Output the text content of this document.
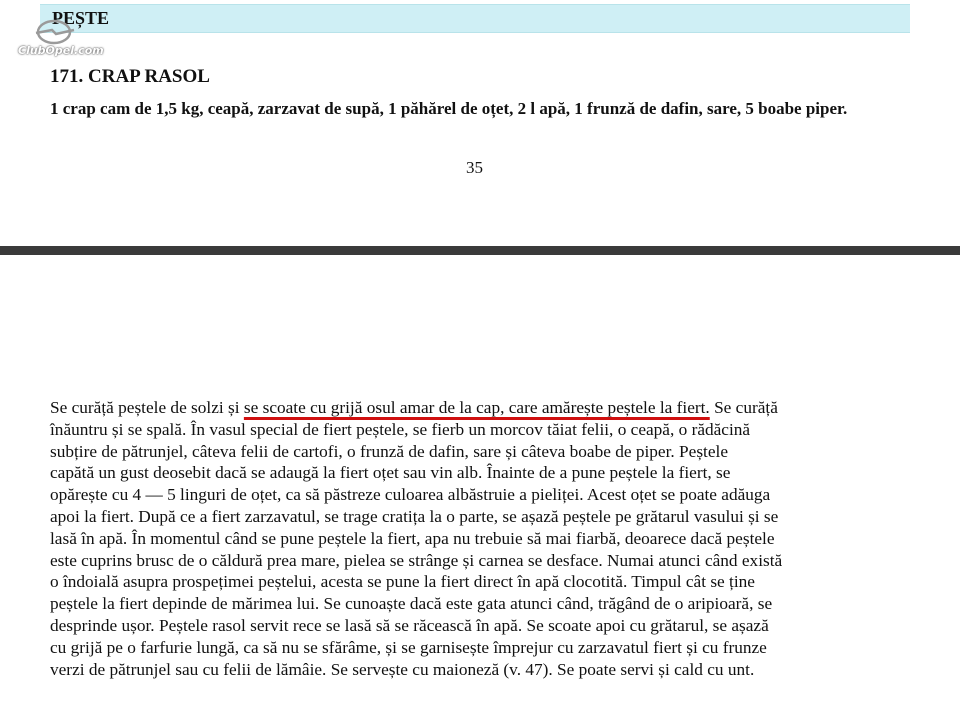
PEȘTE
ClubOpel.com
171. CRAP RASOL
1 crap cam de 1,5 kg, ceapă, zarzavat de supă, 1 păhărel de oțet, 2 l apă, 1 frunză de dafin, sare, 5 boabe piper.
35
Se curăță peștele de solzi și se scoate cu grijă osul amar de la cap, care amărește peștele la fiert. Se curăță
înăuntru și se spală. În vasul special de fiert peștele, se fierb un morcov tăiat felii, o ceapă, o rădăcină
subțire de pătrunjel, câteva felii de cartofi, o frunză de dafin, sare și câteva boabe de piper. Peștele
capătă un gust deosebit dacă se adaugă la fiert oțet sau vin alb. Înainte de a pune peștele la fiert, se
opărește cu 4 — 5 linguri de oțet, ca să păstreze culoarea albăstruie a pieliței. Acest oțet se poate adăuga
apoi la fiert. După ce a fiert zarzavatul, se trage cratița la o parte, se așază peștele pe grătarul vasului și se
lasă în apă. În momentul când se pune peștele la fiert, apa nu trebuie să mai fiarbă, deoarece dacă peștele
este cuprins brusc de o căldură prea mare, pielea se strânge și carnea se desface. Numai atunci când există
o îndoială asupra prospețimei peștelui, acesta se pune la fiert direct în apă clocotită. Timpul cât se ține
peștele la fiert depinde de mărimea lui. Se cunoaște dacă este gata atunci când, trăgând de o aripioară, se
desprinde ușor. Peștele rasol servit rece se lasă să se răcească în apă. Se scoate apoi cu grătarul, se așază
cu grijă pe o farfurie lungă, ca să nu se sfărâme, și se garnisește împrejur cu zarzavatul fiert și cu frunze
verzi de pătrunjel sau cu felii de lămâie. Se servește cu maioneză (v. 47). Se poate servi și cald cu unt.
